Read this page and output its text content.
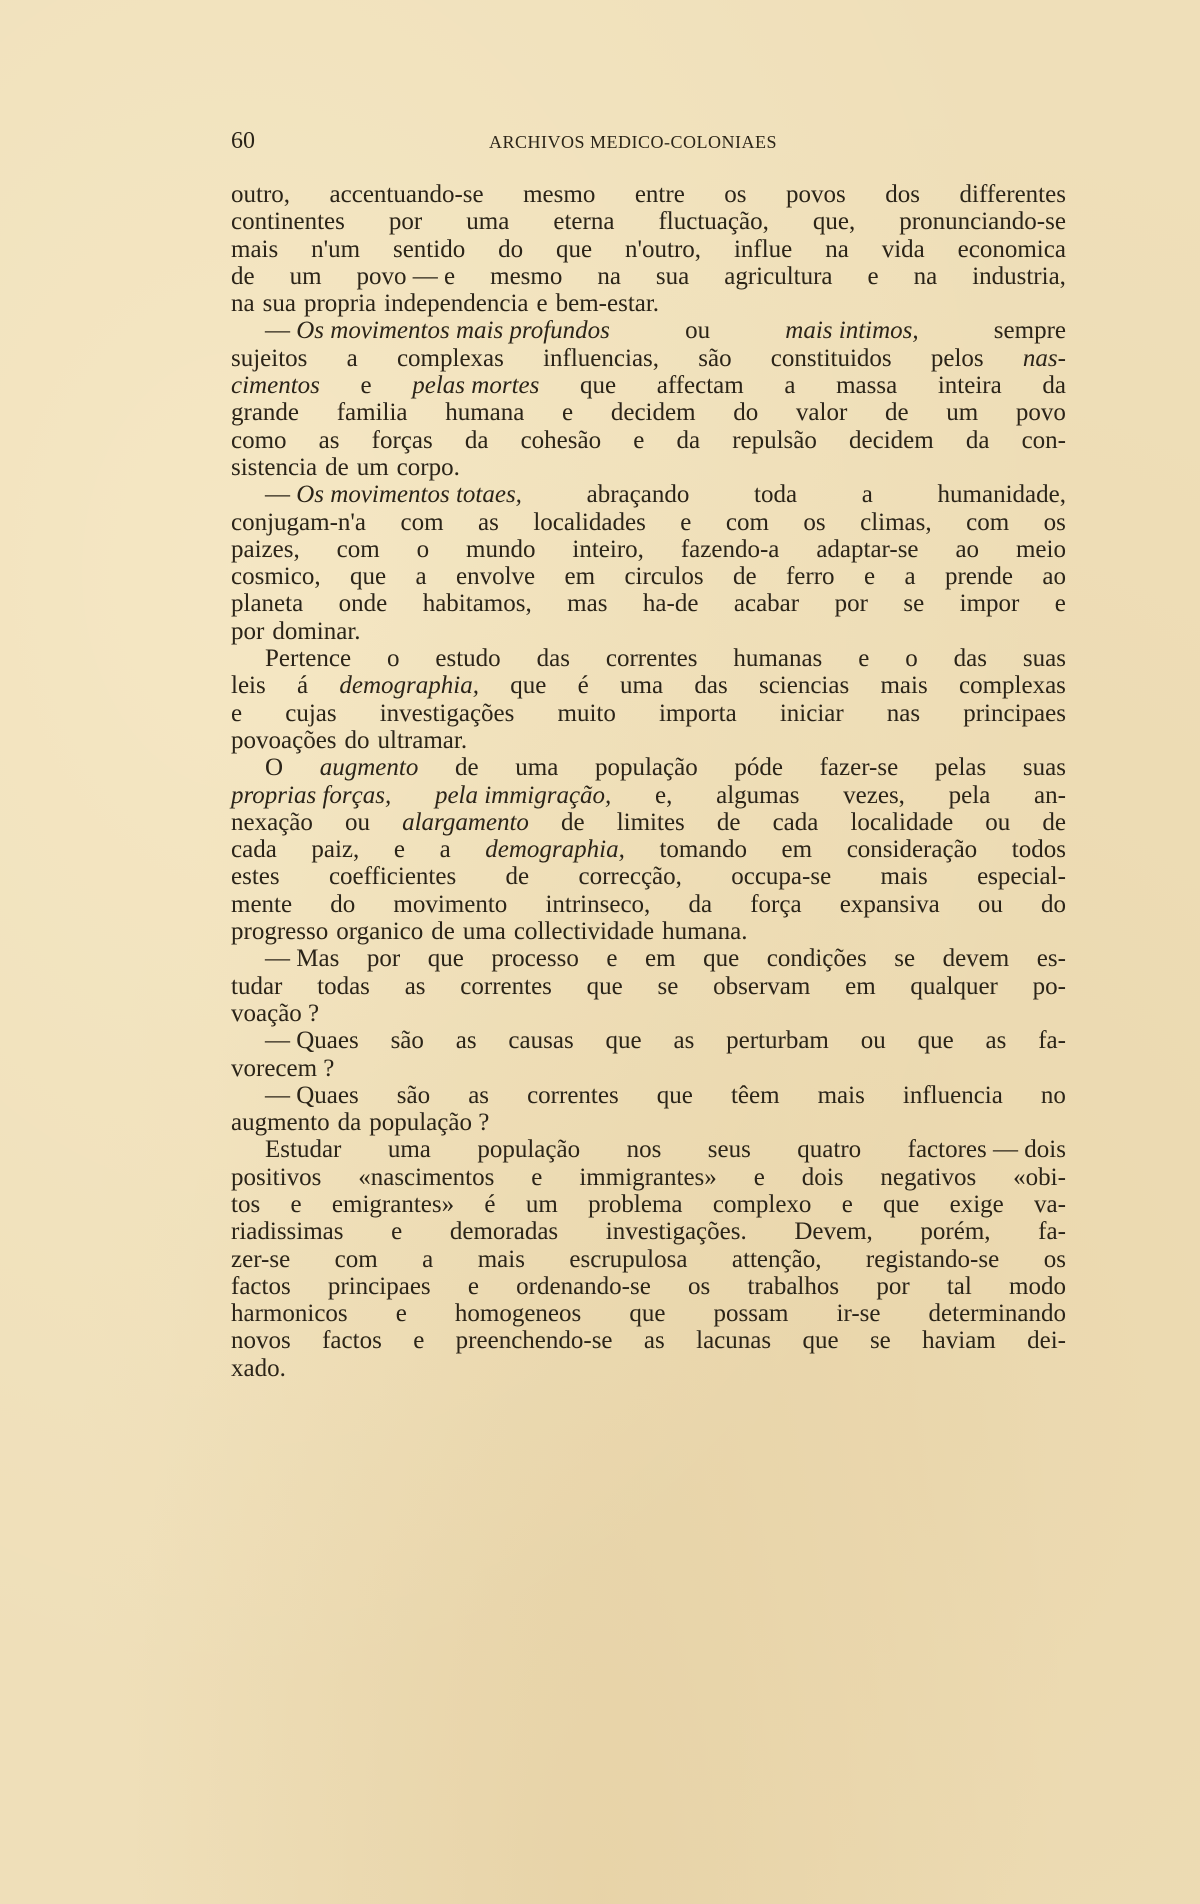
60	ARCHIVOS MEDICO-COLONIAES
outro, accentuando-se mesmo entre os povos dos differentes
continentes por uma eterna fluctuação, que, pronunciando-se
mais n'um sentido do que n'outro, influe na vida economica
de um povo — e mesmo na sua agricultura e na industria,
na sua propria independencia e bem-estar.
— Os movimentos mais profundos	ou	mais intimos,	sempre
sujeitos a complexas influencias, são constituidos pelos nas-
cimentos e pelas mortes que affectam a massa inteira da
grande familia humana e decidem do valor de um povo
como as forças da cohesão e da repulsão decidem da con-
sistencia de um corpo.
— Os movimentos totaes,	abraçando	toda	a	humanidade,
conjugam-n'a com as localidades e com os climas, com os
paizes, com o mundo inteiro, fazendo-a adaptar-se ao meio
cosmico, que a envolve em circulos de ferro e a prende ao
planeta onde habitamos, mas ha-de acabar por se impor e
por dominar.
Pertence o estudo das correntes humanas e o das suas
leis á demographia, que é uma das sciencias mais complexas
e cujas investigações muito importa iniciar nas principaes
povoações do ultramar.
O augmento de uma população póde fazer-se pelas suas
proprias forças, pela immigração, e, algumas vezes, pela an-
nexação ou alargamento de limites de cada localidade ou de
cada paiz, e a demographia, tomando em consideração todos
estes coefficientes de correcção, occupa-se mais especial-
mente do movimento intrinseco, da força expansiva ou do
progresso organico de uma collectividade humana.
— Mas por que processo e em que condições se devem es-
tudar todas as correntes que se observam em qualquer po-
voação ?
— Quaes são as causas que as perturbam ou que as fa-
vorecem ?
— Quaes são as correntes que têem mais influencia no
augmento da população ?
Estudar uma população nos seus quatro factores — dois
positivos «nascimentos e immigrantes» e dois negativos «obi-
tos e emigrantes» é um problema complexo e que exige va-
riadissimas e demoradas investigações. Devem, porém, fa-
zer-se com a mais escrupulosa attenção, registando-se os
factos principaes e ordenando-se os trabalhos por tal modo
harmonicos e homogeneos que possam ir-se determinando
novos factos e preenchendo-se as lacunas que se haviam dei-
xado.
